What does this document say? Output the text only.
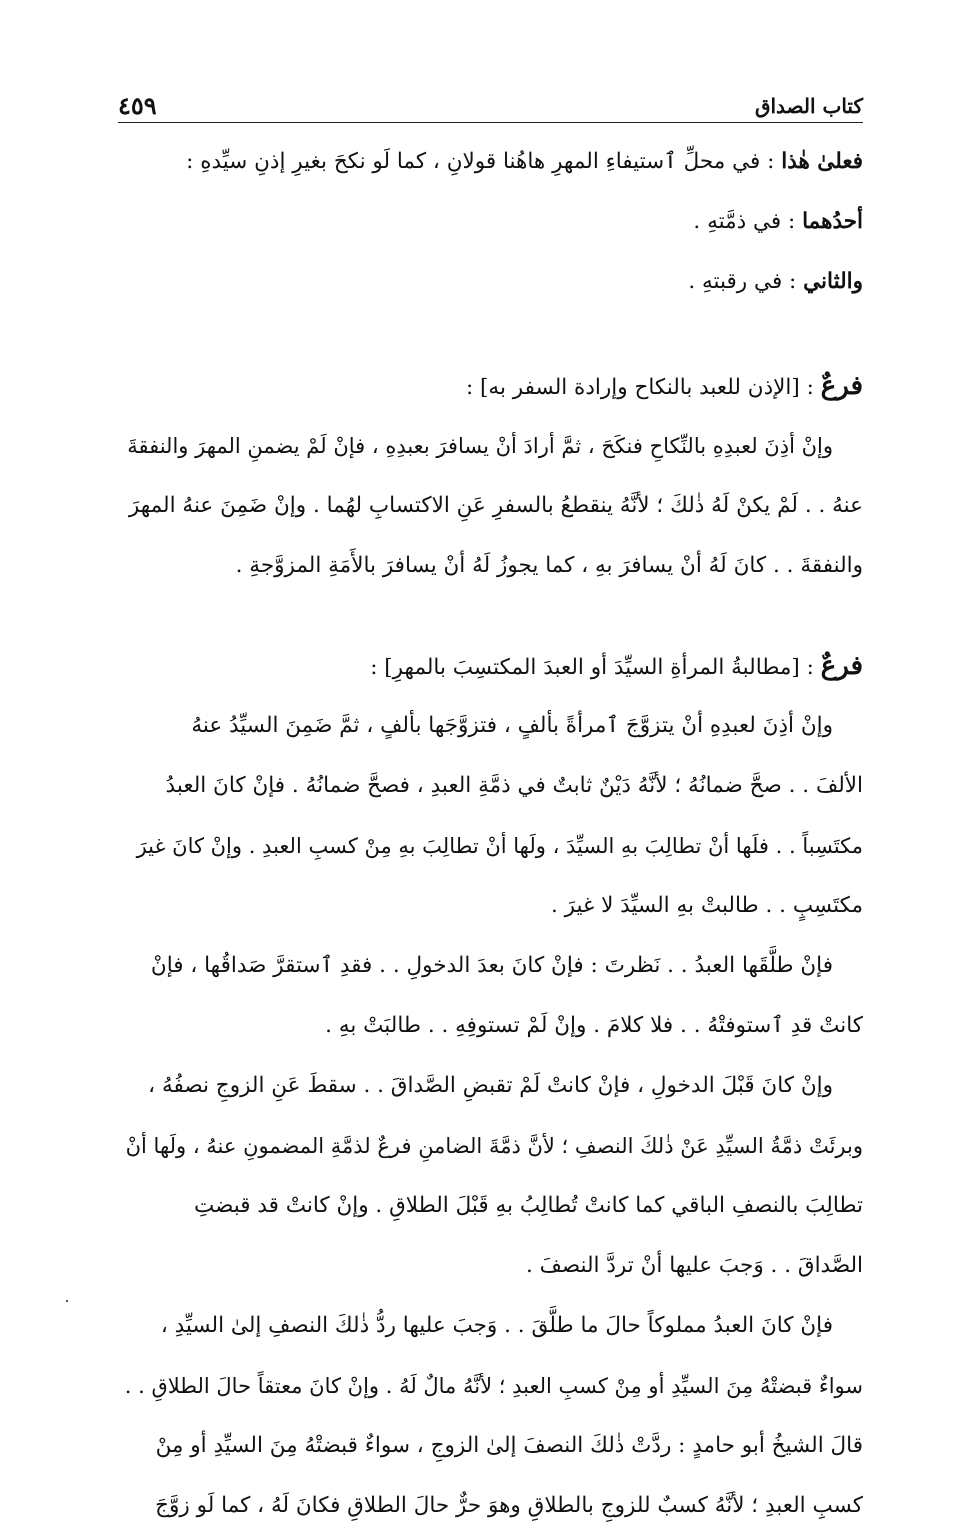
كتاب الصداق
٤٥٩
فعلىٰ هٰذا : في محلِّ ٱستيفاءِ المهرِ هاهُنا قولانِ ، كما لَو نكحَ بغيرِ إذنِ سيِّدهِ :
أحدُهما : في ذمَّتهِ .
والثاني : في رقبتهِ .
فرعٌ : [الإذن للعبد بالنكاح وإرادة السفر به] :
وإنْ أذِنَ لعبدِهِ بالنِّكاحِ فنكَحَ ، ثمَّ أرادَ أنْ يسافرَ بعبدِهِ ، فإنْ لَمْ يضمنِ المهرَ والنفقةَ
عنهُ . . لَمْ يكنْ لَهُ ذٰلكَ ؛ لأنَّهُ ينقطعُ بالسفرِ عَنِ الاكتسابِ لهُما . وإنْ ضَمِنَ عنهُ المهرَ
والنفقةَ . . كانَ لَهُ أنْ يسافرَ بهِ ، كما يجوزُ لَهُ أنْ يسافرَ بالأَمَةِ المزوَّجةِ .
فرعٌ : [مطالبةُ المرأةِ السيِّدَ أو العبدَ المكتسِبَ بالمهرِ] :
وإنْ أذِنَ لعبدِهِ أنْ يتزوَّجَ ٱمرأةً بألفٍ ، فتزوَّجَها بألفٍ ، ثمَّ ضَمِنَ السيِّدُ عنهُ
الألفَ . . صحَّ ضمانُهُ ؛ لأنَّهُ دَيْنٌ ثابتٌ في ذمَّةِ العبدِ ، فصحَّ ضمانُهُ . فإنْ كانَ العبدُ
مكتَسِباً . . فلَها أنْ تطالِبَ بهِ السيِّدَ ، ولَها أنْ تطالِبَ بهِ مِنْ كسبِ العبدِ . وإنْ كانَ غيرَ
مكتَسِبٍ . . طالبتْ بهِ السيِّدَ لا غيرَ .
فإنْ طلَّقَها العبدُ . . نَظرتَ : فإنْ كانَ بعدَ الدخولِ . . فقدِ ٱستقرَّ صَداقُها ، فإنْ
كانتْ قدِ ٱستوفتْهُ . . فلا كلامَ . وإنْ لَمْ تستوفِهِ . . طالبَتْ بهِ .
وإنْ كانَ قَبْلَ الدخولِ ، فإنْ كانتْ لَمْ تقبضِ الصَّداقَ . . سقطَ عَنِ الزوجِ نصفُهُ ،
وبرئَتْ ذمَّةُ السيِّدِ عَنْ ذٰلكَ النصفِ ؛ لأنَّ ذمَّةَ الضامنِ فرعٌ لذمَّةِ المضمونِ عنهُ ، ولَها أنْ
تطالِبَ بالنصفِ الباقي كما كانتْ تُطالِبُ بهِ قَبْلَ الطلاقِ . وإنْ كانتْ قد قبضتِ
الصَّداقَ . . وَجبَ عليها أنْ تردَّ النصفَ .
فإنْ كانَ العبدُ مملوكاً حالَ ما طلَّقَ . . وَجبَ عليها ردُّ ذٰلكَ النصفِ إلىٰ السيِّدِ ،
سواءٌ قبضتْهُ مِنَ السيِّدِ أو مِنْ كسبِ العبدِ ؛ لأنَّهُ مالٌ لَهُ . وإنْ كانَ معتقاً حالَ الطلاقِ . .
قالَ الشيخُ أبو حامدٍ : ردَّتْ ذٰلكَ النصفَ إلىٰ الزوجِ ، سواءٌ قبضتْهُ مِنَ السيِّدِ أو مِنْ
كسبِ العبدِ ؛ لأنَّهُ كسبٌ للزوجِ بالطلاقِ وهوَ حرٌّ حالَ الطلاقِ فكانَ لَهُ ، كما لَو زوَّجَ
